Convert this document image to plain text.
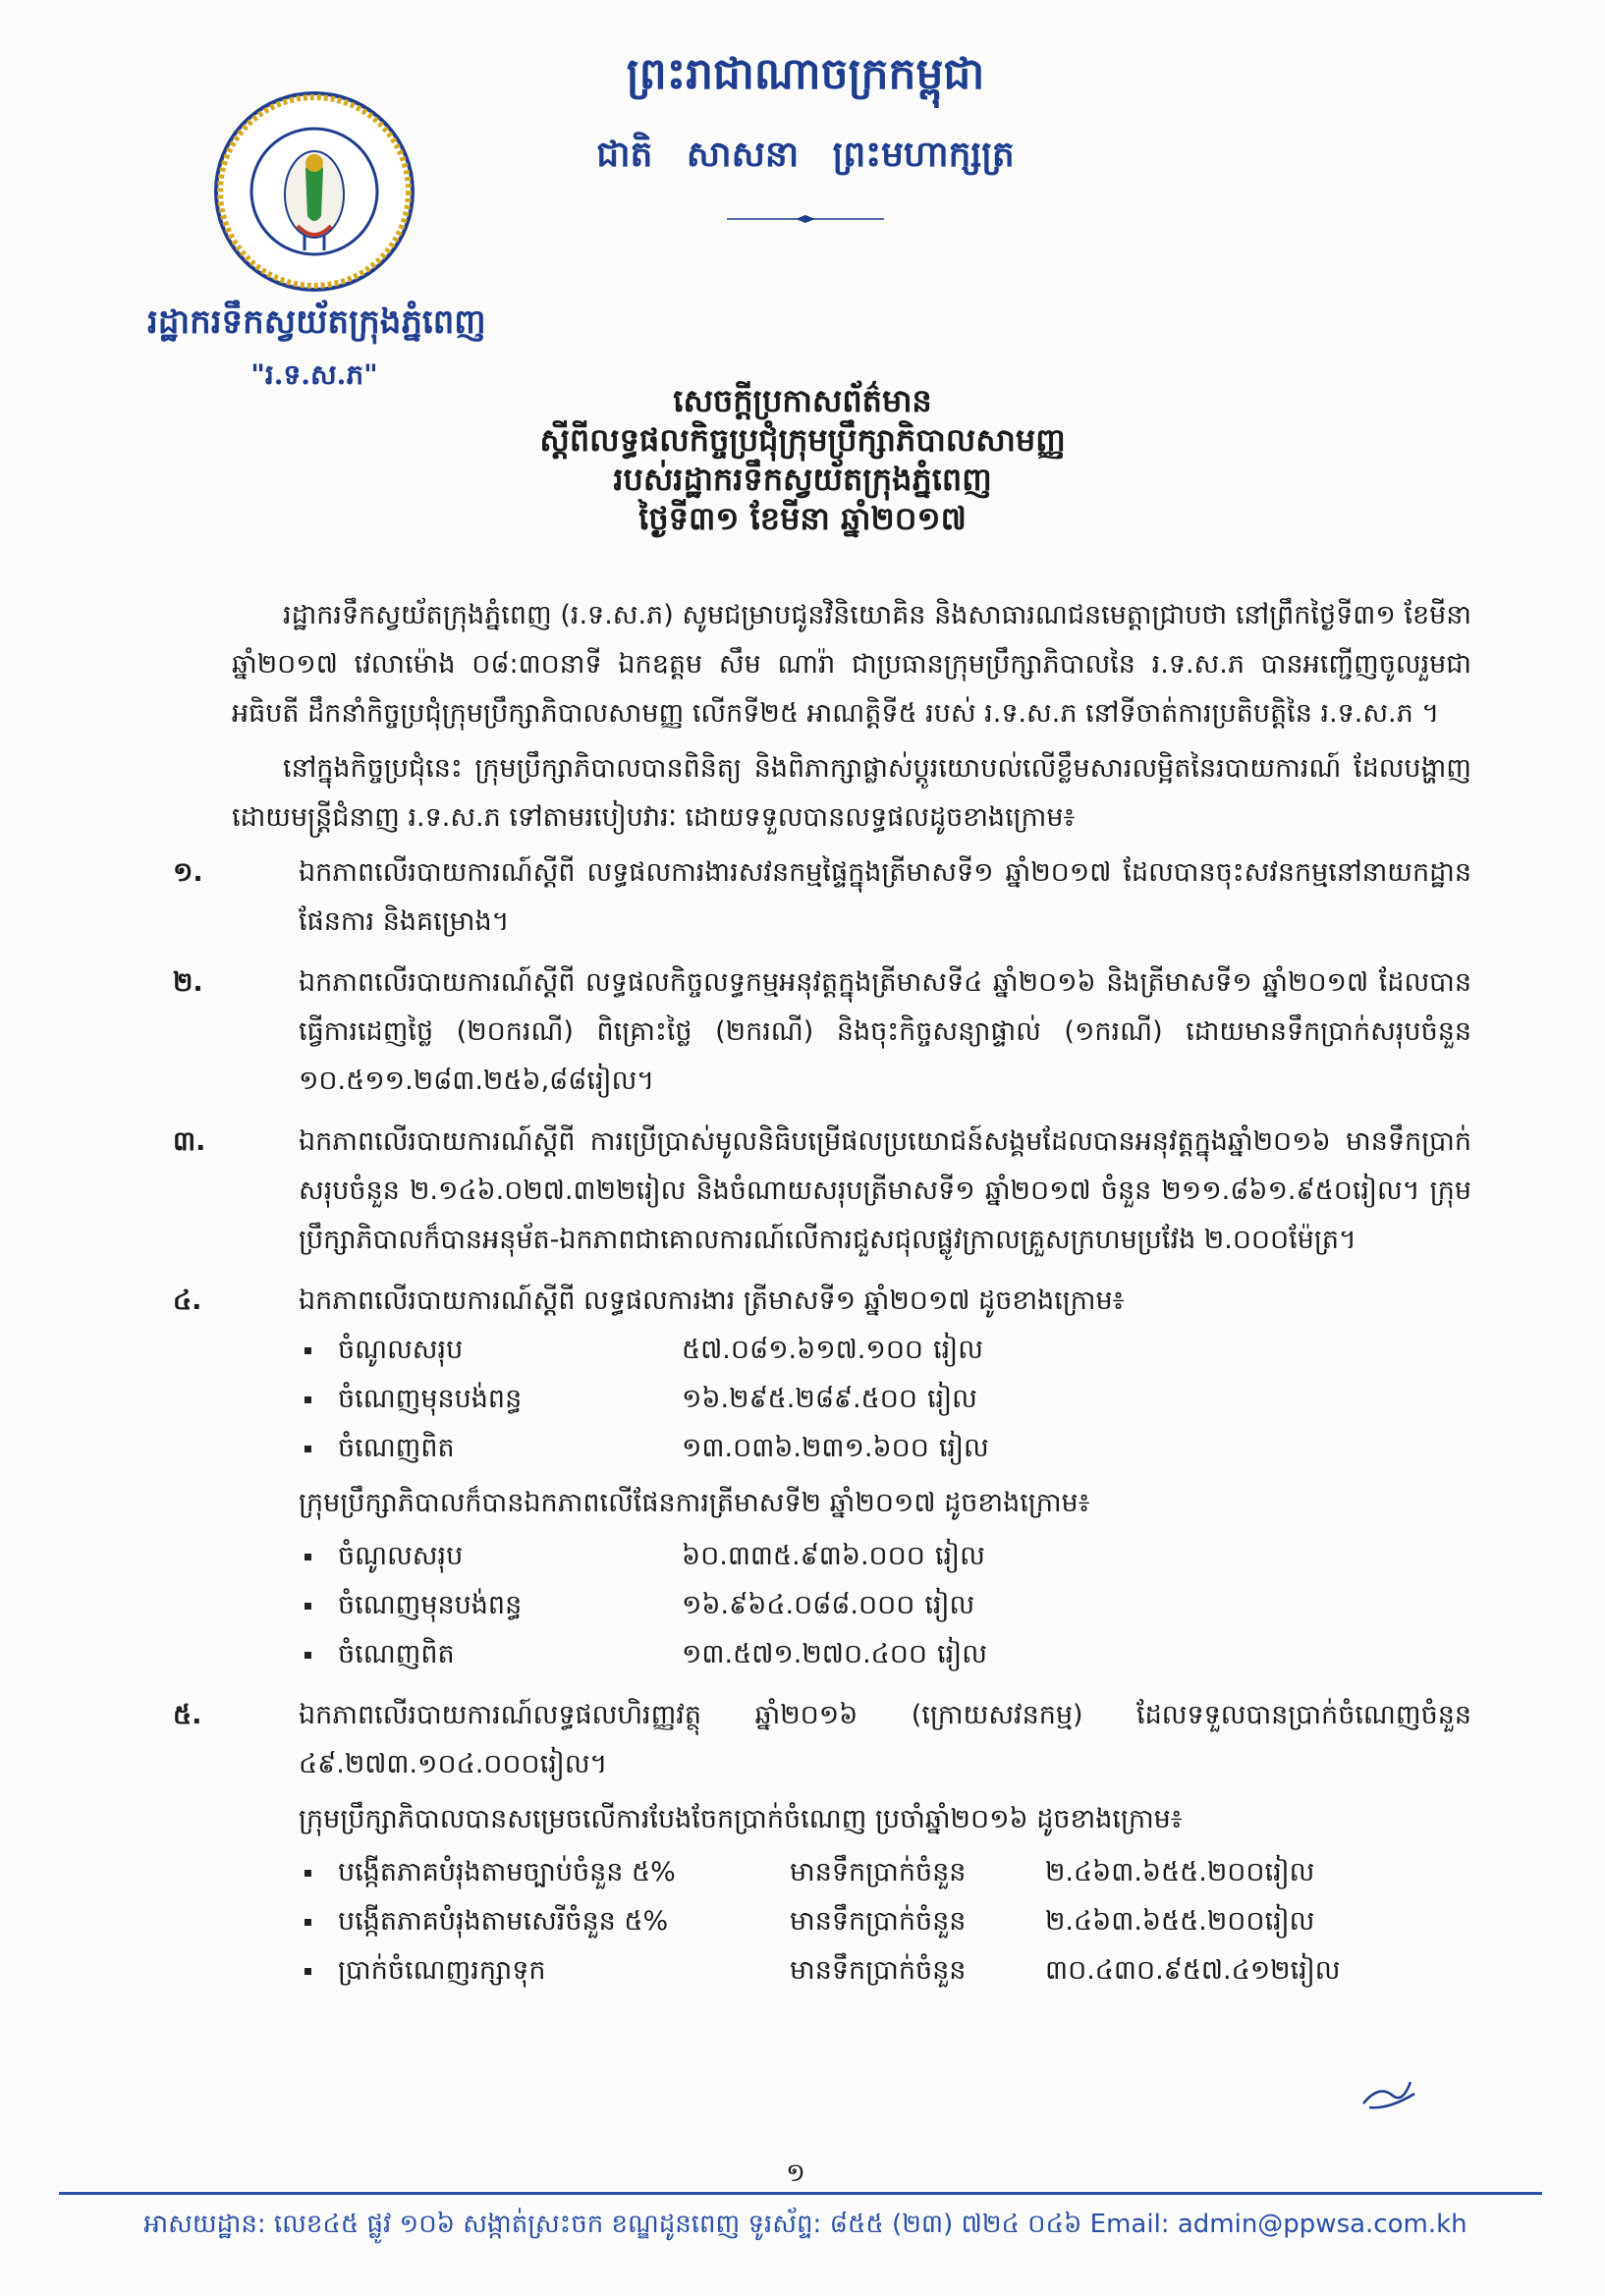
រដ្ឋាករទឹកស្វយ័តក្រុងភ្នំពេញ
"រ.ទ.ស.ភ"
ព្រះរាជាណាចក្រកម្ពុជា
ជាតិ សាសនា ព្រះមហាក្សត្រ
សេចក្តីប្រកាសព័ត៌មាន
ស្តីពីលទ្ធផលកិច្ចប្រជុំក្រុមប្រឹក្សាភិបាលសាមញ្ញ
របស់រដ្ឋាករទឹកស្វយ័តក្រុងភ្នំពេញ
ថ្ងៃទី៣១ ខែមីនា ឆ្នាំ២០១៧

រដ្ឋាករទឹកស្វយ័តក្រុងភ្នំពេញ (រ.ទ.ស.ភ) សូមជម្រាបជូនវិនិយោគិន និងសាធារណជនមេត្តាជ្រាបថា នៅព្រឹកថ្ងៃទី៣១ ខែមីនា ឆ្នាំ២០១៧ វេលាម៉ោង ០៨:៣០នាទី ឯកឧត្តម សឹម ណារ៉ា ជាប្រធានក្រុមប្រឹក្សាភិបាលនៃ រ.ទ.ស.ភ បានអញ្ជើញចូលរួមជាអធិបតី ដឹកនាំកិច្ចប្រជុំក្រុមប្រឹក្សាភិបាលសាមញ្ញ លើកទី២៥ អាណត្តិទី៥ របស់ រ.ទ.ស.ភ នៅទីចាត់ការប្រតិបត្តិនៃ រ.ទ.ស.ភ ។

នៅក្នុងកិច្ចប្រជុំនេះ ក្រុមប្រឹក្សាភិបាលបានពិនិត្យ និងពិភាក្សាផ្លាស់ប្តូរយោបល់លើខ្លឹមសារលម្អិតនៃរបាយការណ៍ ដែលបង្ហាញដោយមន្ត្រីជំនាញ រ.ទ.ស.ភ ទៅតាមរបៀបវារៈ ដោយទទួលបានលទ្ធផលដូចខាងក្រោម៖

១.	ឯកភាពលើរបាយការណ៍ស្តីពី លទ្ធផលការងារសវនកម្មផ្ទៃក្នុងត្រីមាសទី១ ឆ្នាំ២០១៧ ដែលបានចុះសវនកម្មនៅនាយកដ្ឋានផែនការ និងគម្រោង។
២.	ឯកភាពលើរបាយការណ៍ស្តីពី លទ្ធផលកិច្ចលទ្ធកម្មអនុវត្តក្នុងត្រីមាសទី៤ ឆ្នាំ២០១៦ និងត្រីមាសទី១ ឆ្នាំ២០១៧ ដែលបានធ្វើការដេញថ្លៃ (២០ករណី) ពិគ្រោះថ្លៃ (២ករណី) និងចុះកិច្ចសន្យាផ្ទាល់ (១ករណី) ដោយមានទឹកប្រាក់សរុបចំនួន ១០.៥១១.២៨៣.២៥៦,៨៨រៀល។
៣.	ឯកភាពលើរបាយការណ៍ស្តីពី ការប្រើប្រាស់មូលនិធិបម្រើផលប្រយោជន៍សង្គមដែលបានអនុវត្តក្នុងឆ្នាំ២០១៦ មានទឹកប្រាក់សរុបចំនួន ២.១៤៦.០២៧.៣២២រៀល និងចំណាយសរុបត្រីមាសទី១ ឆ្នាំ២០១៧ ចំនួន ២១១.៨៦១.៩៥០រៀល។ ក្រុមប្រឹក្សាភិបាលក៏បានអនុម័ត-ឯកភាពជាគោលការណ៍លើការជួសជុលផ្លូវក្រាលគ្រួសក្រហមប្រវែង ២.០០០ម៉ែត្រ។
៤.	ឯកភាពលើរបាយការណ៍ស្តីពី លទ្ធផលការងារ ត្រីមាសទី១ ឆ្នាំ២០១៧ ដូចខាងក្រោម៖
ចំណូលសរុប	៥៧.០៨១.៦១៧.១០០ រៀល
ចំណេញមុនបង់ពន្ធ	១៦.២៩៥.២៨៩.៥០០ រៀល
ចំណេញពិត	១៣.០៣៦.២៣១.៦០០ រៀល
ក្រុមប្រឹក្សាភិបាលក៏បានឯកភាពលើផែនការត្រីមាសទី២ ឆ្នាំ២០១៧ ដូចខាងក្រោម៖
ចំណូលសរុប	៦០.៣៣៥.៩៣៦.០០០ រៀល
ចំណេញមុនបង់ពន្ធ	១៦.៩៦៤.០៨៨.០០០ រៀល
ចំណេញពិត	១៣.៥៧១.២៧០.៤០០ រៀល
៥.	ឯកភាពលើរបាយការណ៍លទ្ធផលហិរញ្ញវត្ថុ ឆ្នាំ២០១៦ (ក្រោយសវនកម្ម) ដែលទទួលបានប្រាក់ចំណេញចំនួន ៤៩.២៧៣.១០៤.០០០រៀល។
ក្រុមប្រឹក្សាភិបាលបានសម្រេចលើការបែងចែកប្រាក់ចំណេញ ប្រចាំឆ្នាំ២០១៦ ដូចខាងក្រោម៖
បង្កើតភាគបំរុងតាមច្បាប់ចំនួន ៥%	មានទឹកប្រាក់ចំនួន	២.៤៦៣.៦៥៥.២០០រៀល
បង្កើតភាគបំរុងតាមសេរីចំនួន ៥%	មានទឹកប្រាក់ចំនួន	២.៤៦៣.៦៥៥.២០០រៀល
ប្រាក់ចំណេញរក្សាទុក	មានទឹកប្រាក់ចំនួន	៣០.៤៣០.៩៥៧.៤១២រៀល
១
អាសយដ្ឋាន: លេខ៤៥ ផ្លូវ ១០៦ សង្កាត់ស្រះចក ខណ្ឌដូនពេញ ទូរស័ព្ទ: ៨៥៥ (២៣) ៧២៤ ០៤៦ Email: admin@ppwsa.com.kh
